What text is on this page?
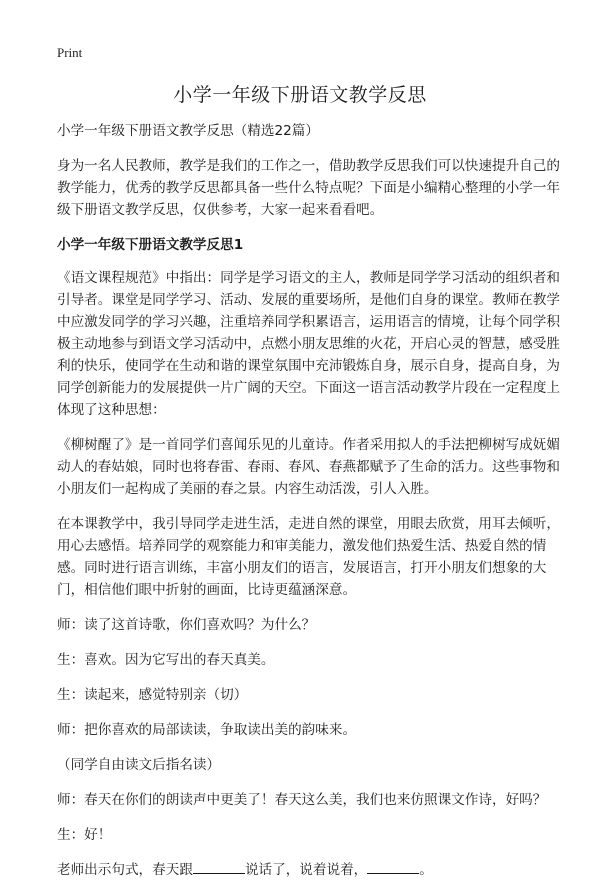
Print
小学一年级下册语文教学反思

小学一年级下册语文教学反思（精选22篇）

身为一名人民教师，教学是我们的工作之一，借助教学反思我们可以快速提升自己的教学能力，优秀的教学反思都具备一些什么特点呢？下面是小编精心整理的小学一年级下册语文教学反思，仅供参考，大家一起来看看吧。

小学一年级下册语文教学反思1

《语文课程规范》中指出：同学是学习语文的主人，教师是同学学习活动的组织者和引导者。课堂是同学学习、活动、发展的重要场所，是他们自身的课堂。教师在教学中应激发同学的学习兴趣，注重培养同学积累语言，运用语言的情境，让每个同学积极主动地参与到语文学习活动中，点燃小朋友思维的火花，开启心灵的智慧，感受胜利的快乐，使同学在生动和谐的课堂氛围中充沛锻炼自身，展示自身，提高自身，为同学创新能力的发展提供一片广阔的天空。下面这一语言活动教学片段在一定程度上体现了这种思想：

《柳树醒了》是一首同学们喜闻乐见的儿童诗。作者采用拟人的手法把柳树写成妩媚动人的春姑娘，同时也将春雷、春雨、春风、春燕都赋予了生命的活力。这些事物和小朋友们一起构成了美丽的春之景。内容生动活泼，引人入胜。

在本课教学中，我引导同学走进生活，走进自然的课堂，用眼去欣赏，用耳去倾听，用心去感悟。培养同学的观察能力和审美能力，激发他们热爱生活、热爱自然的情感。同时进行语言训练，丰富小朋友们的语言，发展语言，打开小朋友们想象的大门，相信他们眼中折射的画面，比诗更蕴涵深意。

师：读了这首诗歌，你们喜欢吗？为什么？

生：喜欢。因为它写出的春天真美。

生：读起来，感觉特别亲（切）

师：把你喜欢的局部读读，争取读出美的韵味来。

（同学自由读文后指名读）

师：春天在你们的朗读声中更美了！春天这么美，我们也来仿照课文作诗，好吗？

生：好！

老师出示句式，春天跟	说话了，说着说着，	。
